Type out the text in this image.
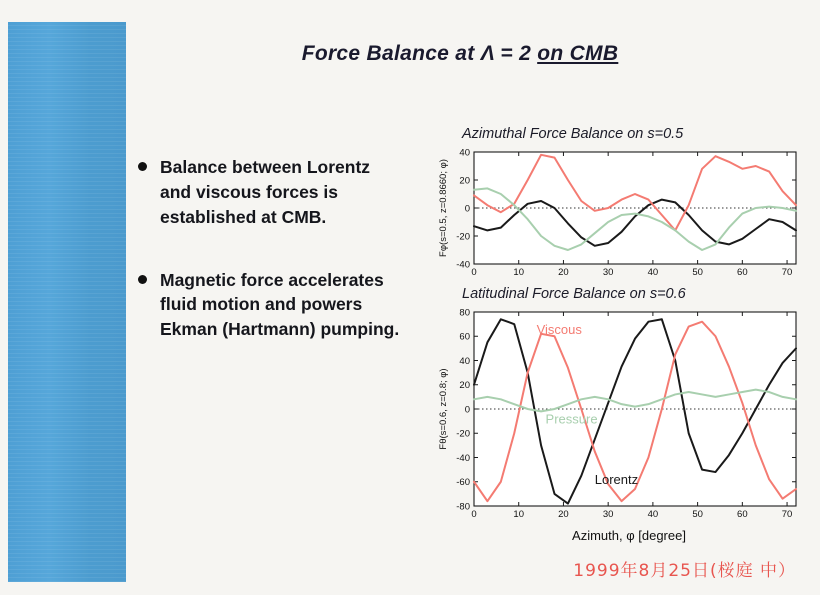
Force Balance at Λ = 2 on CMB
Balance between Lorentz and viscous forces is established at CMB.
Magnetic force accelerates fluid motion and powers Ekman (Hartmann) pumping.
Azimuthal Force Balance on s=0.5
0	10	20	30	40	50	60	70
-40
-20
0
20
40
Fφ(s=0.5, z=0.8660; φ)
Latitudinal Force Balance on s=0.6
0	10	20	30	40	50	60	70
-80
-60
-40
-20
0
20
40
60
80
Viscous
Pressure
Lorentz
Fθ(s=0.6, z=0.8; φ)
Azimuth, φ [degree]
1999年8月25日(桜庭 中）
